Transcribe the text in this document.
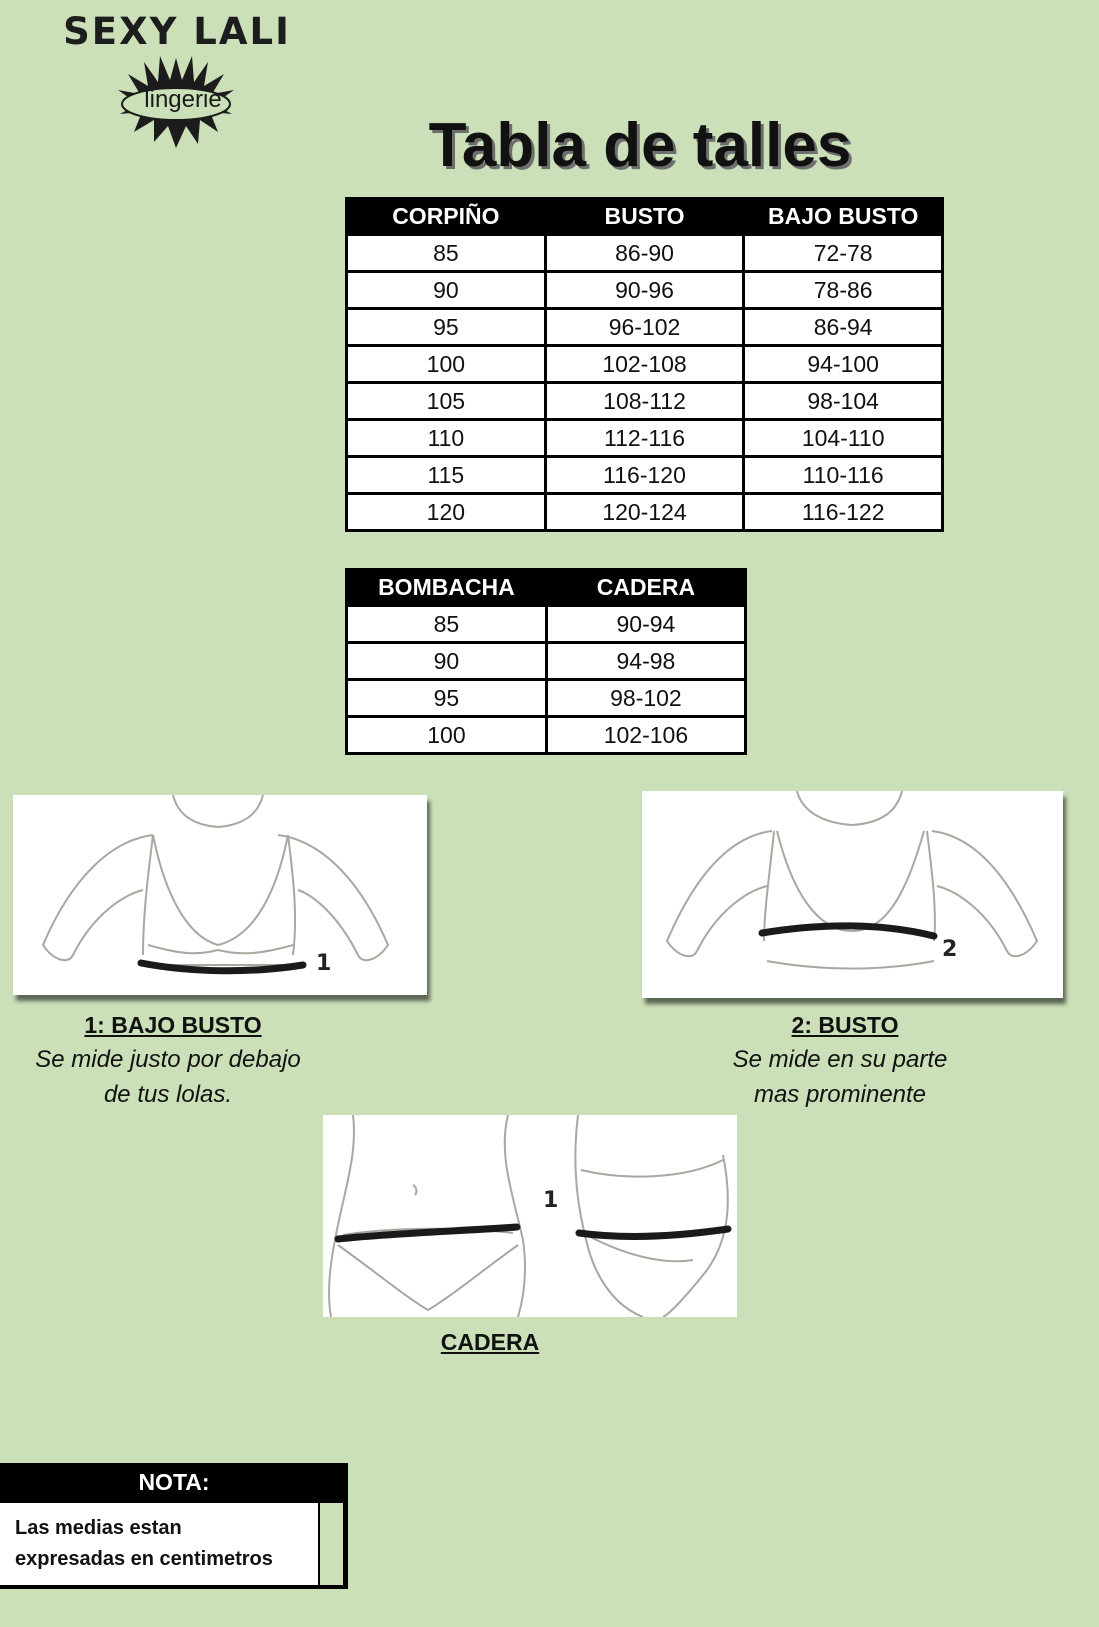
SEXY LALI
lingerie
Tabla de talles
CORPIÑO	BUSTO	BAJO BUSTO
85	86-90	72-78
90	90-96	78-86
95	96-102	86-94
100	102-108	94-100
105	108-112	98-104
110	112-116	104-110
115	116-120	110-116
120	120-124	116-122
BOMBACHA	CADERA
85	90-94
90	94-98
95	98-102
100	102-106
1
2
1: BAJO BUSTO
Se mide justo por debajo
de tus lolas.
2: BUSTO
Se mide en su parte
mas prominente
1
CADERA
NOTA:
Las medias estan
expresadas en centimetros
